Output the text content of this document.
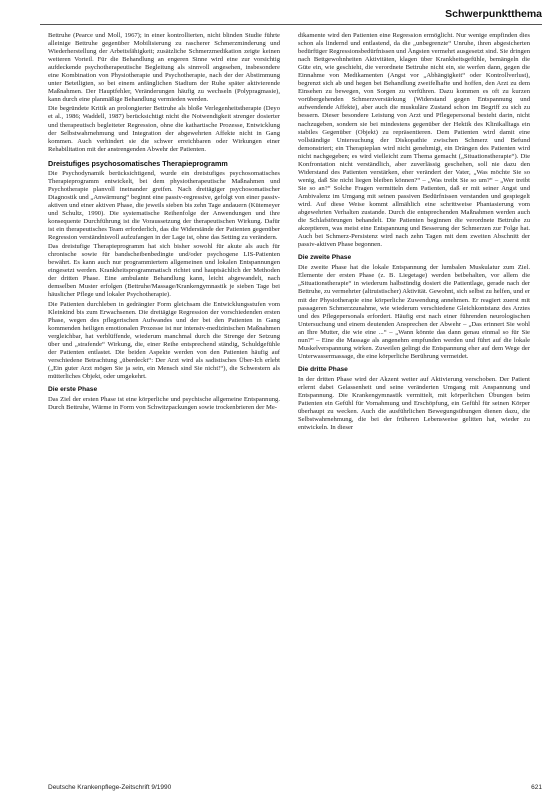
Schwerpunktthema

Bettruhe (Pearce und Moll, 1967); in einer kontrollierten, nicht blinden Studie führte alleinige Bettruhe gegenüber Mobilisierung zu rascherer Schmerzminderung und Wiederherstellung der Arbeitsfähigkeit; zusätzliche Schmerzmedikation zeigte keinen weiteren Vorteil. Für die Behandlung an engeren Sinne wird eine zur vorsichtig aufdeckende psychotherapeutische Begleitung als sinnvoll angesehen, insbesondere eine Kombination von Physiotherapie und Psychotherapie, nach der der Abstimmung unter Beteiligten, so bei einem anfänglichen Stadium der Ruhe später aktivierende Maßnahmen. Der Hauptfehler, Veränderungen häufig zu wechseln (Polypragmasie), kann durch eine planmäßige Behandlung vermieden werden.

Die begründete Kritik an prolongierter Bettruhe als bloße Verlegenheitstherapie (Deyo et al., 1986; Waddell, 1987) berücksichtigt nicht die Notwendigkeit strenger dosierter und therapeutisch begleiteter Regression, ohne die kathartische Prozesse, Entwicklung der Selbstwahrnehmung und Integration der abgewehrten Affekte nicht in Gang kommen. Auch verhindert sie die schwer erreichbaren oder Wirkungen einer Rehabilitation mit der anstrengenden Abwehr der Patienten.

Dreistufiges psychosomatisches Therapieprogramm

Die Psychodynamik berücksichtigend, wurde ein dreistufiges psychosomatisches Therapieprogramm entwickelt, bei dem physiotherapeutische Maßnahmen und Psychotherapie planvoll ineinander greifen. Nach dreitägiger psychosomatischer Diagnostik und „Anwärmung“ beginnt eine passiv-regressive, gefolgt von einer passiv-aktiven und einer aktiven Phase, die jeweils sieben bis zehn Tage andauern (Kütemeyer und Schultz, 1990). Die systematische Reihenfolge der Anwendungen und ihre konsequente Durchführung ist die Voraussetzung der therapeutischen Wirkung. Dafür ist ein therapeutisches Team erforderlich, das die Widerstände der Patienten gegenüber Regression verständnisvoll aufzufangen in der Lage ist, ohne das Setting zu verändern.

Das dreistufige Therapieprogramm hat sich bisher sowohl für akute als auch für chronische sowie für bandscheibenbedingte und/oder psychogene LIS-Patienten bewährt. Es kann auch nur programmiertem allgemeinen und lokalen Entspannungen eingesetzt werden. Krankheitsprogrammatisch richtet und hauptsächlich der Methoden der dritten Phase. Eine ambulante Behandlung kann, leicht abgewandelt, nach demselben Muster erfolgen (Bettruhe/Massage/Krankengymnastik je sieben Tage bei häuslicher Pflege und lokaler Psychotherapie).

Die Patienten durchleben in gedrängter Form gleichsam die Entwicklungsstufen vom Kleinkind bis zum Erwachsenen. Die dreitägige Regression der vorschiedenden ersten Phase, wegen des pflegerischen Aufwandes und der bei den Patienten in Gang kommenden heiligen emotionalen Prozesse ist nur intensiv-medizinischen Maßnahmen vergleichbar, hat verblüffende, wiederum manchmal durch die Strenge der Setzung über und „strafende“ Wirkung, die, einer Reihe entsprechend ständig, Schuldgefühle der Patienten entlastet. Die beiden Aspekte werden von den Patienten häufig auf verschiedene Betrachtung „überdeckt“: Der Arzt wird als sadistisches Über-Ich erlebt („Ein guter Arzt mögen Sie ja sein, ein Mensch sind Sie nicht!“), die Schwestern als mütterliches Objekt, oder umgekehrt.

Die erste Phase

Das Ziel der ersten Phase ist eine körperliche und psychische allgemeine Entspannung. Durch Bettruhe, Wärme in Form von Schwitzpackungen sowie trockenbrieren der Me-

dikamente wird den Patienten eine Regression ermöglicht. Nur wenige empfinden dies schon als lindernd und entlastend, da die „unbegrenzte“ Unruhe, ihren abgesicherten bedürftiger Regressionsbedürfnissen und Ängsten vermehrt ausgesetzt sind. Sie dringen nach Bettgewohnheiten Aktivitäten, klagen über Krankheitsgefühle, bemängeln die Güte ein, wie geschieht, die verordnete Bettruhe nicht ein, sie werfen dann, gegen die Einnahme von Medikamenten (Angst vor „Abhängigkeit“ oder Kontrollverlust), begrenzt sich ab und hegen bei Behandlung zweifelhafte und hoffen, den Arzt zu dem Einsehen zu bewegen, von Sorgen zu verführen. Dazu kommen es oft zu kurzen vorübergehenden Schmerzverstärkung (Widerstand gegen Entspannung und aufwendende Affekte), aber auch die muskuläre Zustand schon im Begriff zu sich zu bessern. Dieser besondere Leistung von Arzt und Pflegepersonal besteht darin, nicht nachzugeben, sondern sie bei mindestens gegenüber der Hektik des Klinikalltags ein stabiles Gegenüber (Objekt) zu repräsentieren. Dem Patienten wird damit eine vollständige Untersuchung der Diskopathie zwischen Schmerz und Befund demonstriert; ein Therapieplan wird nicht genehmigt, ein Drängen des Patienten wird nicht nachgegeben; es wird vielleicht zum Thema gemacht („Situationstherapie“). Die Konfrontation nicht verständlich, aber zuverlässig geschehen, soll nie dazu den Widerstand des Patienten verstärken, eher verändert der Vater, „Was möchte Sie so wenig, daß Sie nicht liegen bleiben können?“ – „Was treibt Sie so um?“ – „Wer treibt Sie so an?“ Solche Fragen vermitteln dem Patienten, daß er mit seiner Angst und Ambivalenz im Umgang mit seinen passiven Bedürfnissen verstanden und gespiegelt wird. Auf diese Weise kommt allmählich eine schrittweise Phantasierung vom abgewehrten Verhalten zustande. Durch die entsprechenden Maßnahmen werden auch die Schlafstörungen behandelt. Die Patienten beginnen die verordnete Bettruhe zu akzeptieren, was meist eine Entspannung und Besserung der Schmerzen zur Folge hat. Auch bei Schmerz-Persistenz wird nach zehn Tagen mit dem zweiten Abschnitt der passiv-aktiven Phase begonnen.

Die zweite Phase

Die zweite Phase hat die lokale Entspannung der lumbalen Muskulatur zum Ziel. Elemente der ersten Phase (z. B. Liegetage) werden beibehalten, vor allem die „Situationstherapie“ in wiederum halbstündig dosiert die Patientlage, gerade nach der Bettruhe, zu vermehrter (altruistischer) Aktivität. Gewohnt, sich selbst zu helfen, und er mit der Physiotherapie eine körperliche Zuwendung annehmen. Er reagiert zuerst mit passageren Schmerzzunahme, wie wiederum verschiedene Gleichkontstanz des Arztes und des Pflegepersonals erfordert. Häufig erst nach einer führenden neurologischen Untersuchung und einem deutenden Ansprechen der Abwehr – „Das erinnert Sie wohl an Ihre Mutter, die wie eine ...“ – „Wann könnte das dann genau einmal so für Sie nun?“ – Eine die Massage als angenehm empfunden werden und führt auf die lokale Muskelverspannung wirken. Zuweilen gelingt die Entspannung eher auf dem Wege der Unterwassermassage, die eine körperliche Berührung vermeidet.

Die dritte Phase

In der dritten Phase wird der Akzent weiter auf Aktivierung verschoben. Der Patient erlernt dabei Gelassenheit und seine veränderten Umgang mit Anspannung und Entspannung. Die Krankengymnastik vermittelt, mit körperlichen Übungen beim Patienten ein Gefühl für Vornahmung und Erschöpfung, ein Gefühl für seinen Körper überhaupt zu wecken. Auch die ausführlichen Bewegungsübungen dienen dazu, die Selbstwahrnehmung, die bei der früheren Lebensweise gelitten hat, wieder zu entwickeln. In dieser

Deutsche Krankenpflege-Zeitschrift 9/1990	621
